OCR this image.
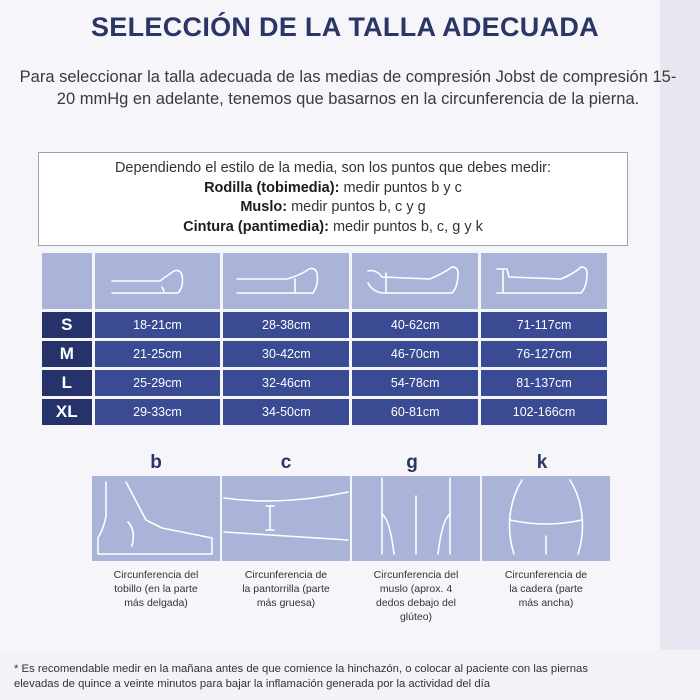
SELECCIÓN DE LA TALLA ADECUADA

Para seleccionar la talla adecuada de las medias de compresión Jobst de compresión 15-20 mmHg en adelante, tenemos que basarnos en la circunferencia de la pierna.

Dependiendo el estilo de la media, son los puntos que debes medir:
Rodilla (tobimedia): medir puntos b y c
Muslo: medir puntos b, c y g
Cintura (pantimedia): medir puntos b, c, g y k
S	18-21cm	28-38cm	40-62cm	71-117cm
M	21-25cm	30-42cm	46-70cm	76-127cm
L	25-29cm	32-46cm	54-78cm	81-137cm
XL	29-33cm	34-50cm	60-81cm	102-166cm
b	c	g	k
Circunferencia del
tobillo (en la parte
más delgada)
Circunferencia de
la pantorrilla (parte
más gruesa)
Circunferencia del
muslo (aprox. 4
dedos debajo del
glúteo)
Circunferencia de
la cadera (parte
más ancha)
* Es recomendable medir en la mañana antes de que comience la hinchazón, o colocar al paciente con las piernas
elevadas de quince a veinte minutos para bajar la inflamación generada por la actividad del día
